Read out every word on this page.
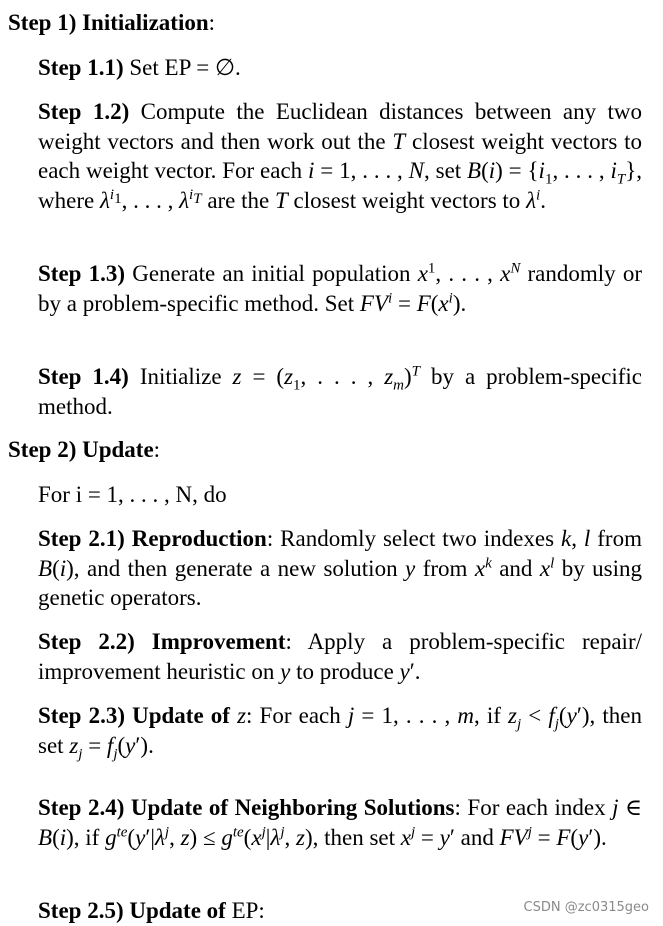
Step 1) Initialization:

Step 1.1) Set EP = ∅.

Step 1.2) Compute the Euclidean distances between any two weight vectors and then work out the T closest weight vectors to each weight vector. For each i = 1, . . . , N, set $B(i) = \{i_1$, . . . , $i_T$}, where $\lambda^{i_1}$, . . . , $\lambda^{i_T}$ are the T closest weight vectors to $\lambda^i$.

Step 1.3) Generate an initial population $x^1$, . . . , $x^N$ randomly or by a problem-specific method. Set $FV^i = F(x^i)$.

Step 1.4) Initialize $z = (z_1$, . . . , $z_m)^T$ by a problem-specific method.

Step 2) Update:

For i = 1, . . . , N, do

Step 2.1) Reproduction: Randomly select two indexes k, l from B(i), and then generate a new solution y from $x^k$ and $x^l$ by using genetic operators.

Step 2.2) Improvement: Apply a problem-specific repair/ improvement heuristic on y to produce y′.

Step 2.3) Update of z: For each j = 1, . . . , m, if $z_j < f_j(y')$, then set $z_j = f_j(y')$.

Step 2.4) Update of Neighboring Solutions: For each index j ∈ B(i), if $g^{te}(y'|\lambda^j$, $z) \le g^{te}(x^j|\lambda^j$, z), then set $x^j = y'$ and $FV^j = F(y')$.

Step 2.5) Update of EP:	CSDN @zc0315geo
